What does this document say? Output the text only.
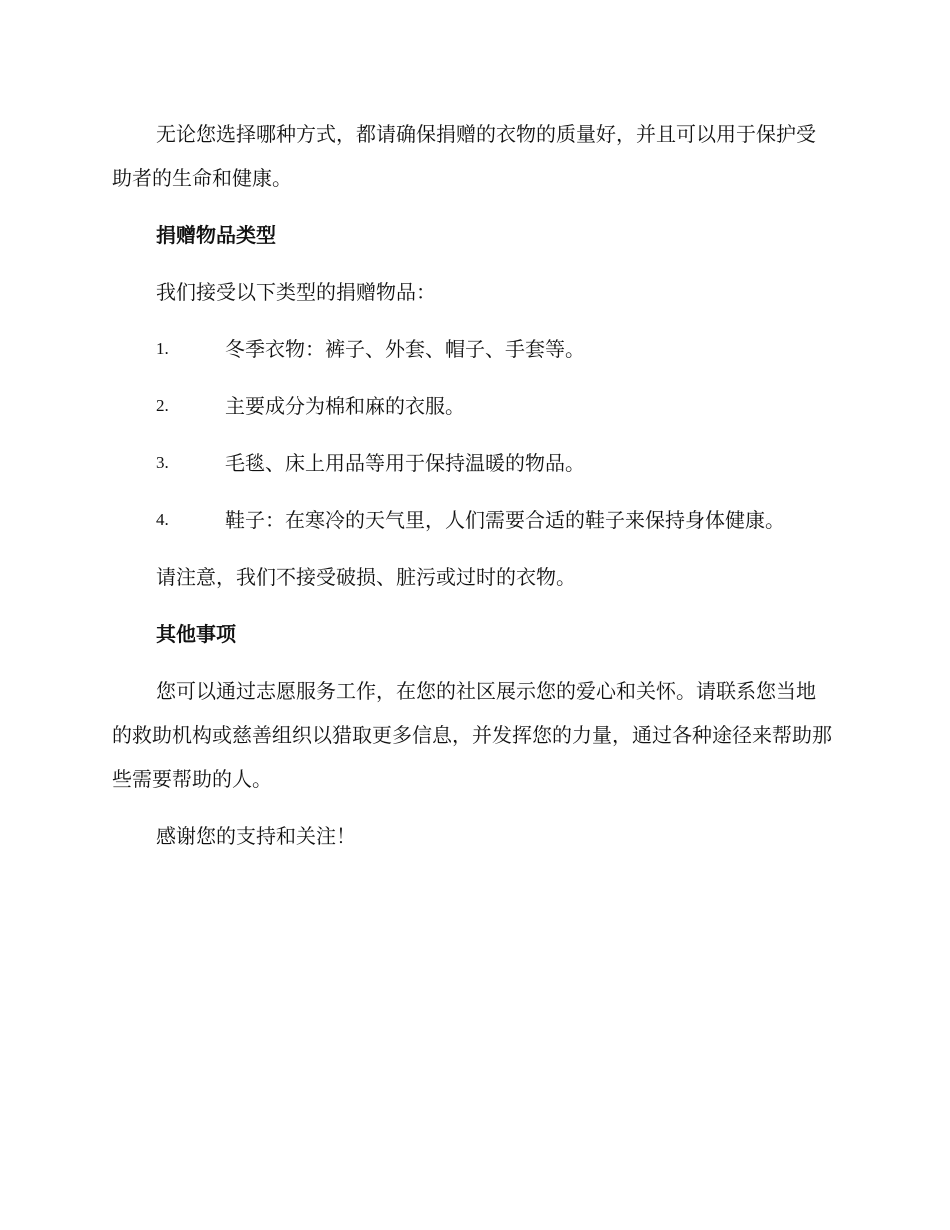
无论您选择哪种方式，都请确保捐赠的衣物的质量好，并且可以用于保护受助者的生命和健康。

捐赠物品类型

我们接受以下类型的捐赠物品：

1.	冬季衣物：裤子、外套、帽子、手套等。
2.	主要成分为棉和麻的衣服。
3.	毛毯、床上用品等用于保持温暖的物品。
4.	鞋子：在寒冷的天气里，人们需要合适的鞋子来保持身体健康。

请注意，我们不接受破损、脏污或过时的衣物。

其他事项

您可以通过志愿服务工作，在您的社区展示您的爱心和关怀。请联系您当地的救助机构或慈善组织以猎取更多信息，并发挥您的力量，通过各种途径来帮助那些需要帮助的人。

感谢您的支持和关注！
